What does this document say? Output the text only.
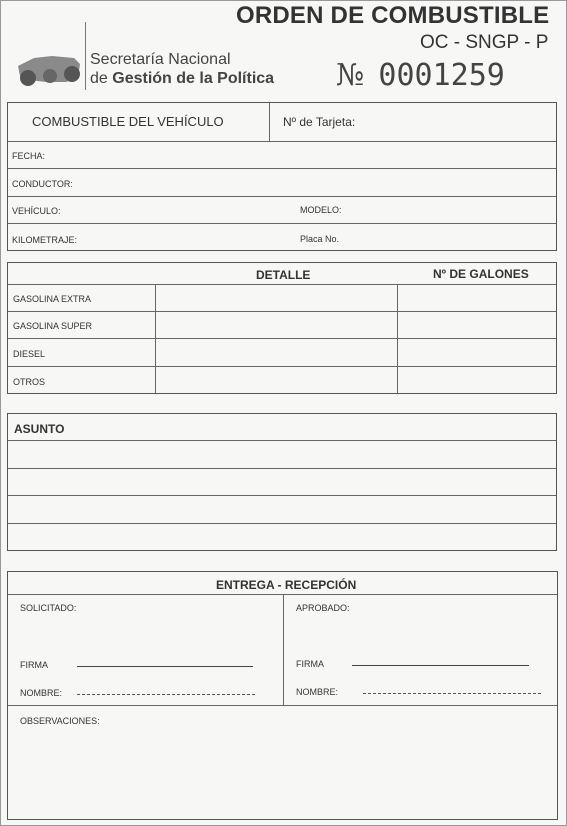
ORDEN DE COMBUSTIBLE
OC - SNGP - P
№ 0001259
Secretaría Nacional
de Gestión de la Política
COMBUSTIBLE DEL VEHÍCULO	Nº de Tarjeta:
FECHA:
CONDUCTOR:
VEHÍCULO:	MODELO:
KILOMETRAJE:	Placa No.
DETALLE	Nº DE GALONES
GASOLINA EXTRA
GASOLINA SUPER
DIESEL
OTROS
ASUNTO
ENTREGA - RECEPCIÓN
SOLICITADO:	APROBADO:
FIRMA	FIRMA
NOMBRE:	NOMBRE:
OBSERVACIONES:
